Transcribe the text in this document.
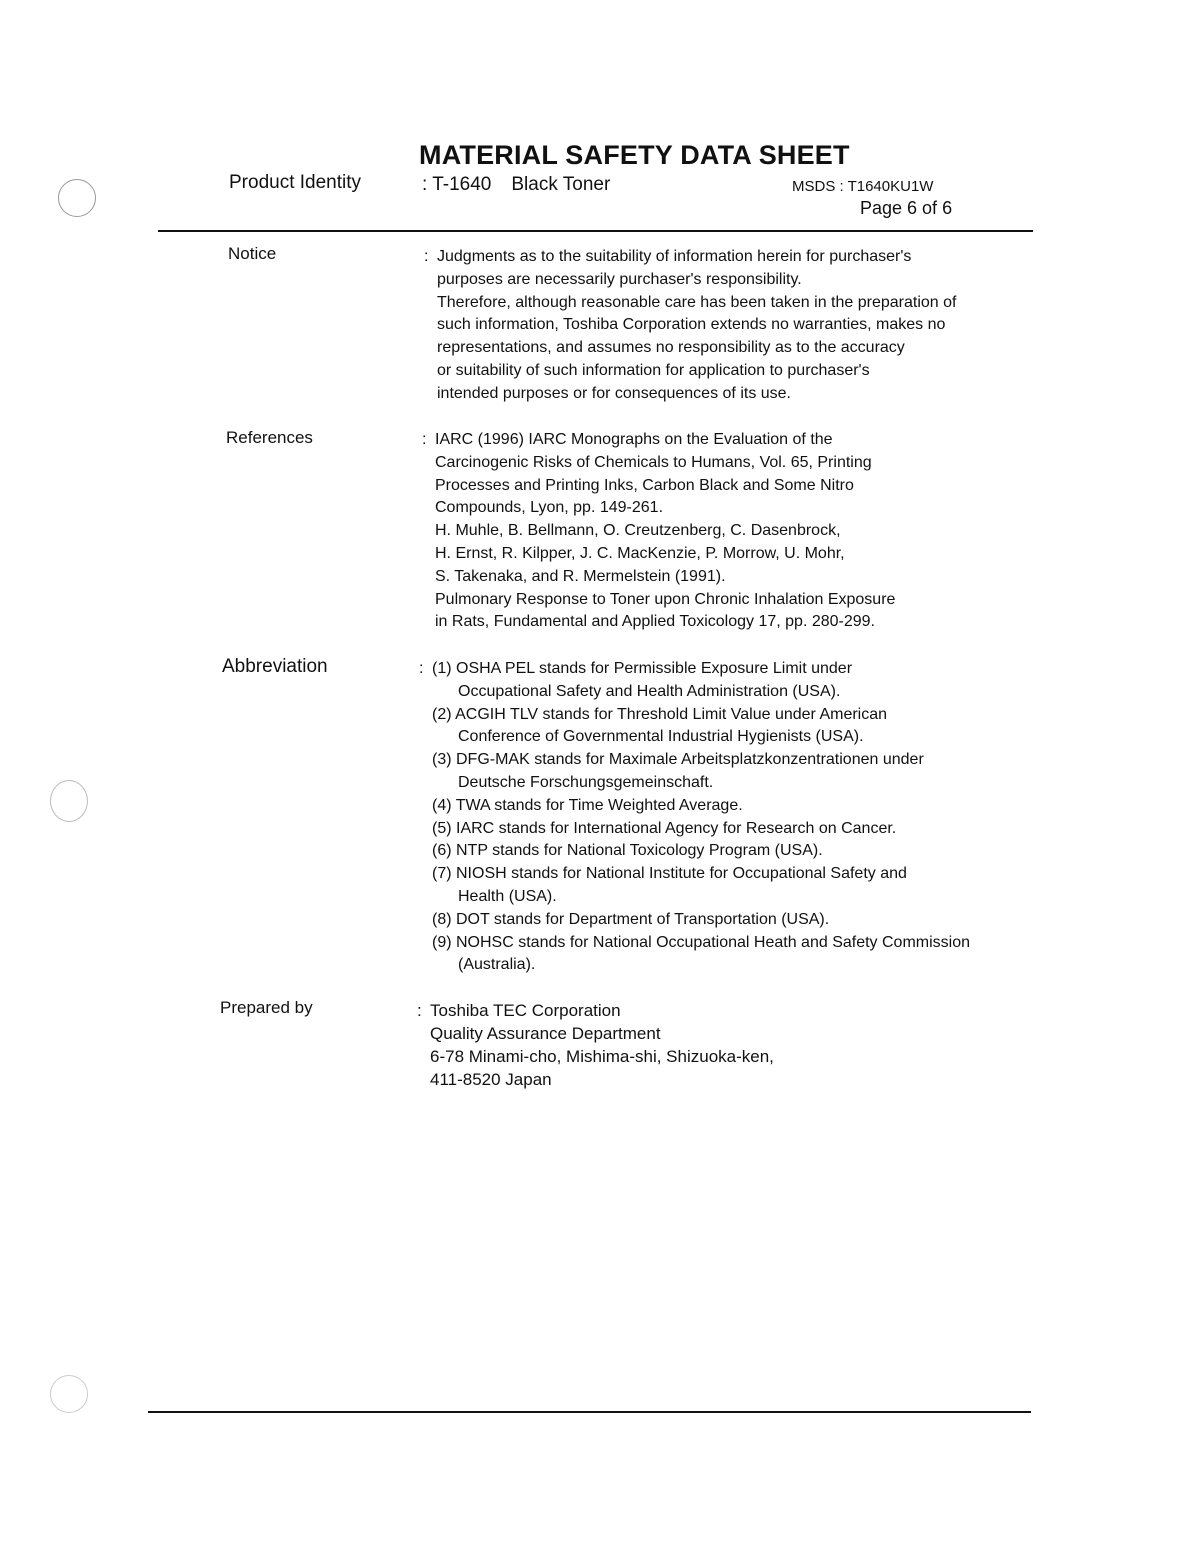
MATERIAL SAFETY DATA SHEET
Product Identity	: T-1640 Black Toner	MSDS : T1640KU1W
Page 6 of 6
Notice	: Judgments as to the suitability of information herein for purchaser's
purposes are necessarily purchaser's responsibility.
Therefore, although reasonable care has been taken in the preparation of
such information, Toshiba Corporation extends no warranties, makes no
representations, and assumes no responsibility as to the accuracy
or suitability of such information for application to purchaser's
intended purposes or for consequences of its use.
References	: IARC (1996) IARC Monographs on the Evaluation of the
Carcinogenic Risks of Chemicals to Humans, Vol. 65, Printing
Processes and Printing Inks, Carbon Black and Some Nitro
Compounds, Lyon, pp. 149-261.
H. Muhle, B. Bellmann, O. Creutzenberg, C. Dasenbrock,
H. Ernst, R. Kilpper, J. C. MacKenzie, P. Morrow, U. Mohr,
S. Takenaka, and R. Mermelstein (1991).
Pulmonary Response to Toner upon Chronic Inhalation Exposure
in Rats, Fundamental and Applied Toxicology 17, pp. 280-299.
Abbreviation	: (1) OSHA PEL stands for Permissible Exposure Limit under
Occupational Safety and Health Administration (USA).
(2) ACGIH TLV stands for Threshold Limit Value under American
Conference of Governmental Industrial Hygienists (USA).
(3) DFG-MAK stands for Maximale Arbeitsplatzkonzentrationen under
Deutsche Forschungsgemeinschaft.
(4) TWA stands for Time Weighted Average.
(5) IARC stands for International Agency for Research on Cancer.
(6) NTP stands for National Toxicology Program (USA).
(7) NIOSH stands for National Institute for Occupational Safety and
Health (USA).
(8) DOT stands for Department of Transportation (USA).
(9) NOHSC stands for National Occupational Heath and Safety Commission
(Australia).
Prepared by	: Toshiba TEC Corporation
Quality Assurance Department
6-78 Minami-cho, Mishima-shi, Shizuoka-ken,
411-8520 Japan
